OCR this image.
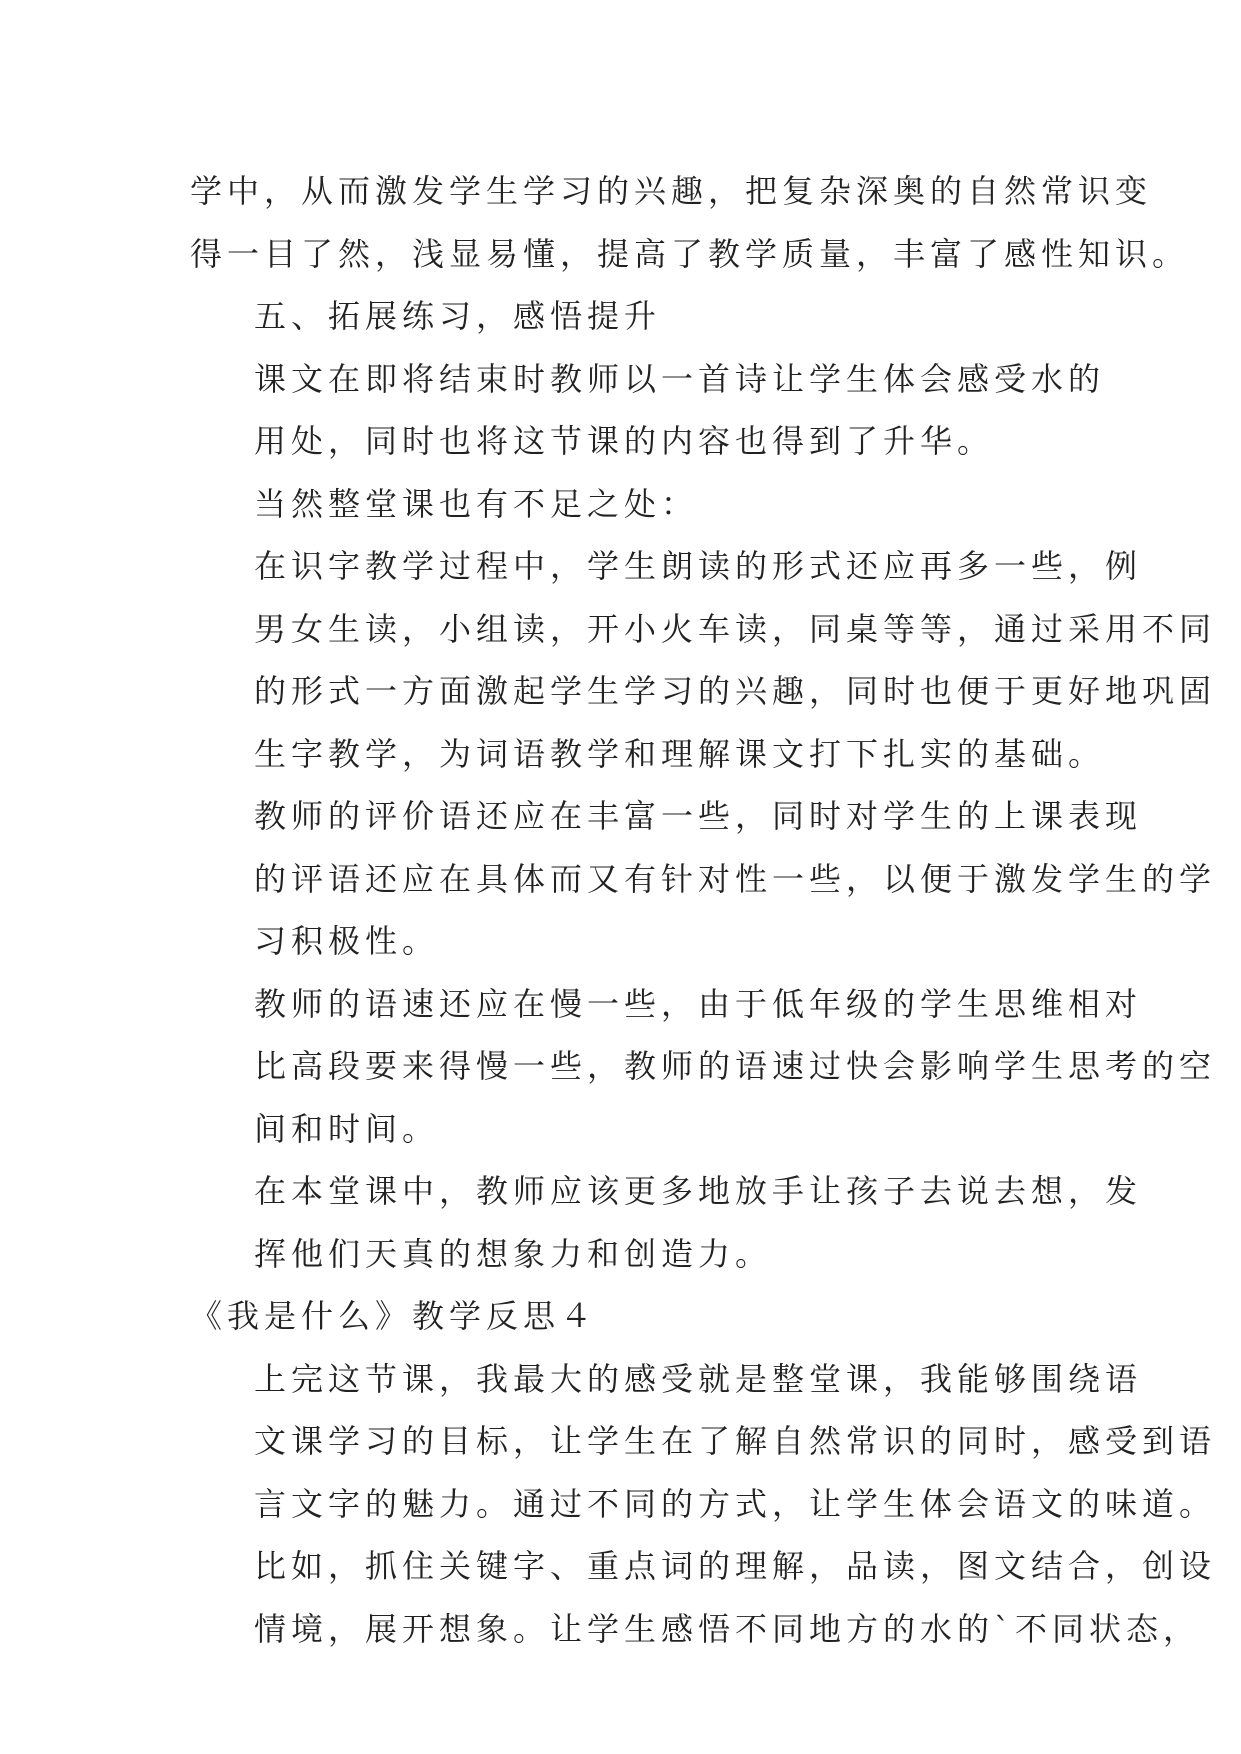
学中，从而激发学生学习的兴趣，把复杂深奥的自然常识变
得一目了然，浅显易懂，提高了教学质量，丰富了感性知识。

五、拓展练习，感悟提升

课文在即将结束时教师以一首诗让学生体会感受水的
用处，同时也将这节课的内容也得到了升华。

当然整堂课也有不足之处：

在识字教学过程中，学生朗读的形式还应再多一些，例
男女生读，小组读，开小火车读，同桌等等，通过采用不同
的形式一方面激起学生学习的兴趣，同时也便于更好地巩固
生字教学，为词语教学和理解课文打下扎实的基础。

教师的评价语还应在丰富一些，同时对学生的上课表现
的评语还应在具体而又有针对性一些，以便于激发学生的学
习积极性。

教师的语速还应在慢一些，由于低年级的学生思维相对
比高段要来得慢一些，教师的语速过快会影响学生思考的空
间和时间。

在本堂课中，教师应该更多地放手让孩子去说去想，发
挥他们天真的想象力和创造力。

《我是什么》教学反思４

上完这节课，我最大的感受就是整堂课，我能够围绕语
文课学习的目标，让学生在了解自然常识的同时，感受到语
言文字的魅力。通过不同的方式，让学生体会语文的味道。
比如，抓住关键字、重点词的理解，品读，图文结合，创设
情境，展开想象。让学生感悟不同地方的水的`不同状态，
